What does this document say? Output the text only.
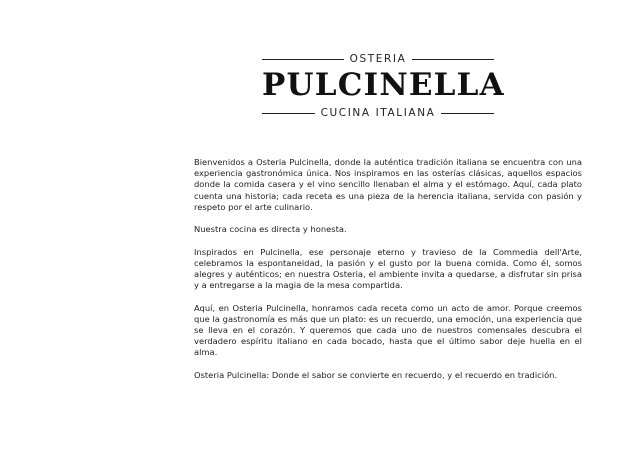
OSTERIA
PULCINELLA
CUCINA ITALIANA

Bienvenidos a Osteria Pulcinella, donde la auténtica tradición italiana se encuentra con una experiencia gastronómica única. Nos inspiramos en las osterías clásicas, aquellos espacios donde la comida casera y el vino sencillo llenaban el alma y el estómago. Aquí, cada plato cuenta una historia; cada receta es una pieza de la herencia italiana, servida con pasión y respeto por el arte culinario.

Nuestra cocina es directa y honesta.

Inspirados en Pulcinella, ese personaje eterno y travieso de la Commedia dell'Arte, celebramos la espontaneidad, la pasión y el gusto por la buena comida. Como él, somos alegres y auténticos; en nuestra Osteria, el ambiente invita a quedarse, a disfrutar sin prisa y a entregarse a la magia de la mesa compartida.

Aquí, en Osteria Pulcinella, honramos cada receta como un acto de amor. Porque creemos que la gastronomía es más que un plato: es un recuerdo, una emoción, una experiencia que se lleva en el corazón. Y queremos que cada uno de nuestros comensales descubra el verdadero espíritu italiano en cada bocado, hasta que el último sabor deje huella en el alma.

Osteria Pulcinella: Donde el sabor se convierte en recuerdo, y el recuerdo en tradición.
